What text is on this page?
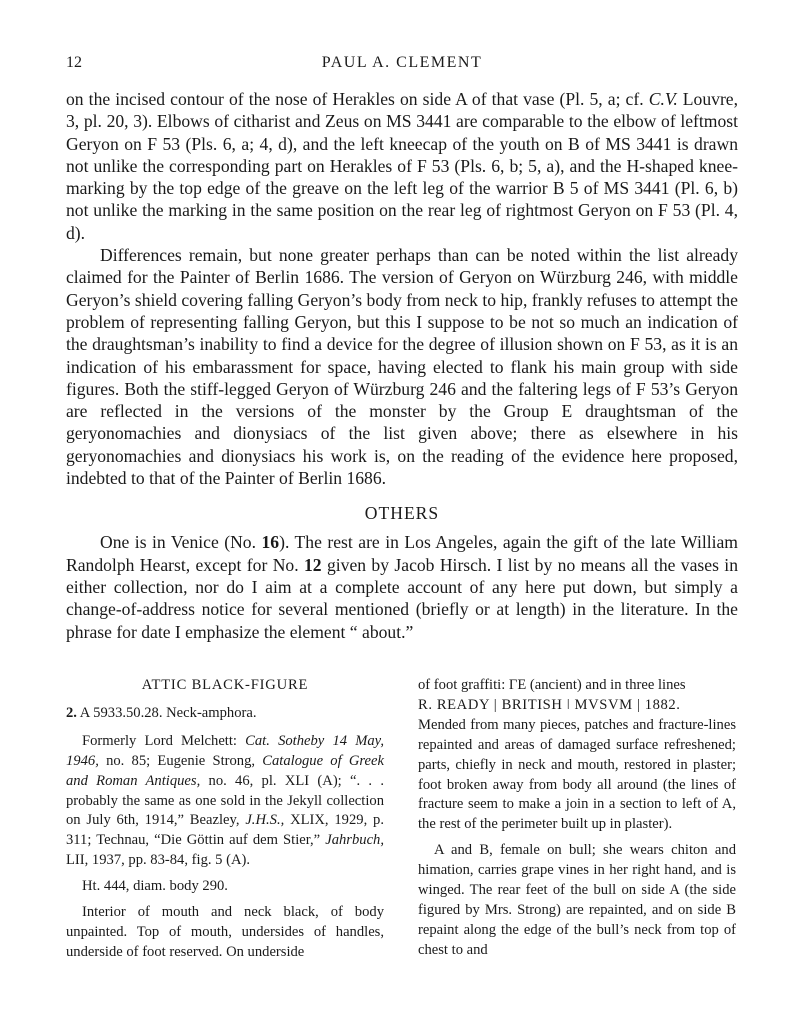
12	PAUL A. CLEMENT

on the incised contour of the nose of Herakles on side A of that vase (Pl. 5, a; cf. C.V. Louvre, 3, pl. 20, 3). Elbows of citharist and Zeus on MS 3441 are comparable to the elbow of leftmost Geryon on F 53 (Pls. 6, a; 4, d), and the left kneecap of the youth on B of MS 3441 is drawn not unlike the corresponding part on Herakles of F 53 (Pls. 6, b; 5, a), and the H-shaped knee-marking by the top edge of the greave on the left leg of the warrior B 5 of MS 3441 (Pl. 6, b) not unlike the marking in the same position on the rear leg of rightmost Geryon on F 53 (Pl. 4, d).

Differences remain, but none greater perhaps than can be noted within the list already claimed for the Painter of Berlin 1686. The version of Geryon on Würzburg 246, with middle Geryon’s shield covering falling Geryon’s body from neck to hip, frankly refuses to attempt the problem of representing falling Geryon, but this I suppose to be not so much an indication of the draughtsman’s inability to find a device for the degree of illusion shown on F 53, as it is an indication of his embarassment for space, having elected to flank his main group with side figures. Both the stiff-legged Geryon of Würzburg 246 and the faltering legs of F 53’s Geryon are reflected in the versions of the monster by the Group E draughtsman of the geryonomachies and dionysiacs of the list given above; there as elsewhere in his geryonomachies and dionysiacs his work is, on the reading of the evidence here proposed, indebted to that of the Painter of Berlin 1686.

OTHERS

One is in Venice (No. 16). The rest are in Los Angeles, again the gift of the late William Randolph Hearst, except for No. 12 given by Jacob Hirsch. I list by no means all the vases in either collection, nor do I aim at a complete account of any here put down, but simply a change-of-address notice for several mentioned (briefly or at length) in the literature. In the phrase for date I emphasize the element “ about.”

ATTIC BLACK-FIGURE

2. A 5933.50.28. Neck-amphora.

Formerly Lord Melchett: Cat. Sotheby 14 May, 1946, no. 85; Eugenie Strong, Catalogue of Greek and Roman Antiques, no. 46, pl. XLI (A); “. . . probably the same as one sold in the Jekyll collection on July 6th, 1914,” Beazley, J.H.S., XLIX, 1929, p. 311; Technau, “Die Göttin auf dem Stier,” Jahrbuch, LII, 1937, pp. 83-84, fig. 5 (A).

Ht. 444, diam. body 290.

Interior of mouth and neck black, of body unpainted. Top of mouth, undersides of handles, underside of foot reserved. On underside

of foot graffiti: ΓΕ (ancient) and in three lines

R. READY | BRITISH ǀ MVSVM | 1882.

Mended from many pieces, patches and fracture-lines repainted and areas of damaged surface refreshened; parts, chiefly in neck and mouth, restored in plaster; foot broken away from body all around (the lines of fracture seem to make a join in a section to left of A, the rest of the perimeter built up in plaster).

A and B, female on bull; she wears chiton and himation, carries grape vines in her right hand, and is winged. The rear feet of the bull on side A (the side figured by Mrs. Strong) are repainted, and on side B repaint along the edge of the bull’s neck from top of chest to and
